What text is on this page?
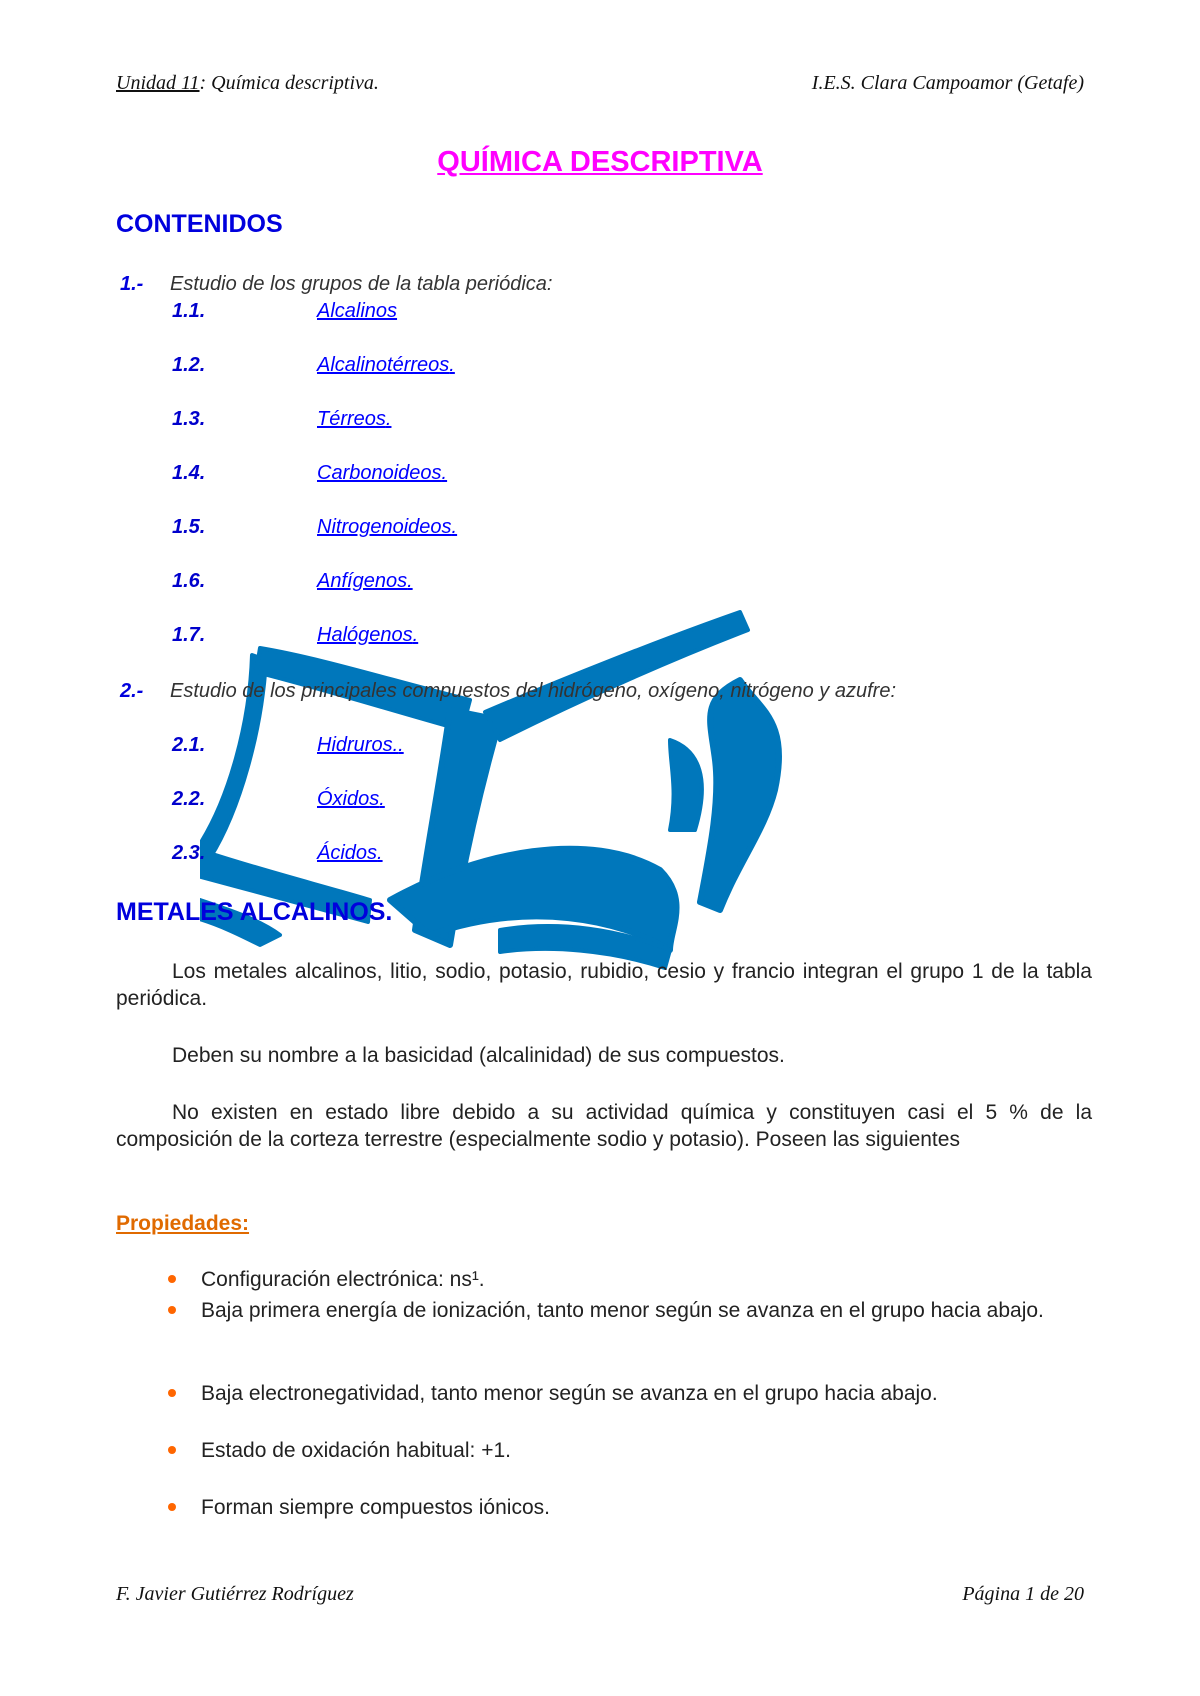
Unidad 11: Química descriptiva.	I.E.S. Clara Campoamor (Getafe)
QUÍMICA DESCRIPTIVA
CONTENIDOS
1.- Estudio de los grupos de la tabla periódica:
1.1.	Alcalinos
1.2.	Alcalinotérreos.
1.3.	Térreos.
1.4.	Carbonoideos.
1.5.	Nitrogenoideos.
1.6.	Anfígenos.
1.7.	Halógenos.
2.- Estudio de los principales compuestos del hidrógeno, oxígeno, nitrógeno y azufre:
2.1.	Hidruros..
2.2.	Óxidos.
2.3.	Ácidos.
METALES ALCALINOS.
Los metales alcalinos, litio, sodio, potasio, rubidio, cesio y francio integran el grupo 1 de la tabla periódica.
Deben su nombre a la basicidad (alcalinidad) de sus compuestos.
No existen en estado libre debido a su actividad química y constituyen casi el 5 % de la composición de la corteza terrestre (especialmente sodio y potasio). Poseen las siguientes
Propiedades:
Configuración electrónica: ns¹.
Baja primera energía de ionización, tanto menor según se avanza en el grupo hacia abajo.
Baja electronegatividad, tanto menor según se avanza en el grupo hacia abajo.
Estado de oxidación habitual: +1.
Forman siempre compuestos iónicos.
F. Javier Gutiérrez Rodríguez	Página 1 de 20
